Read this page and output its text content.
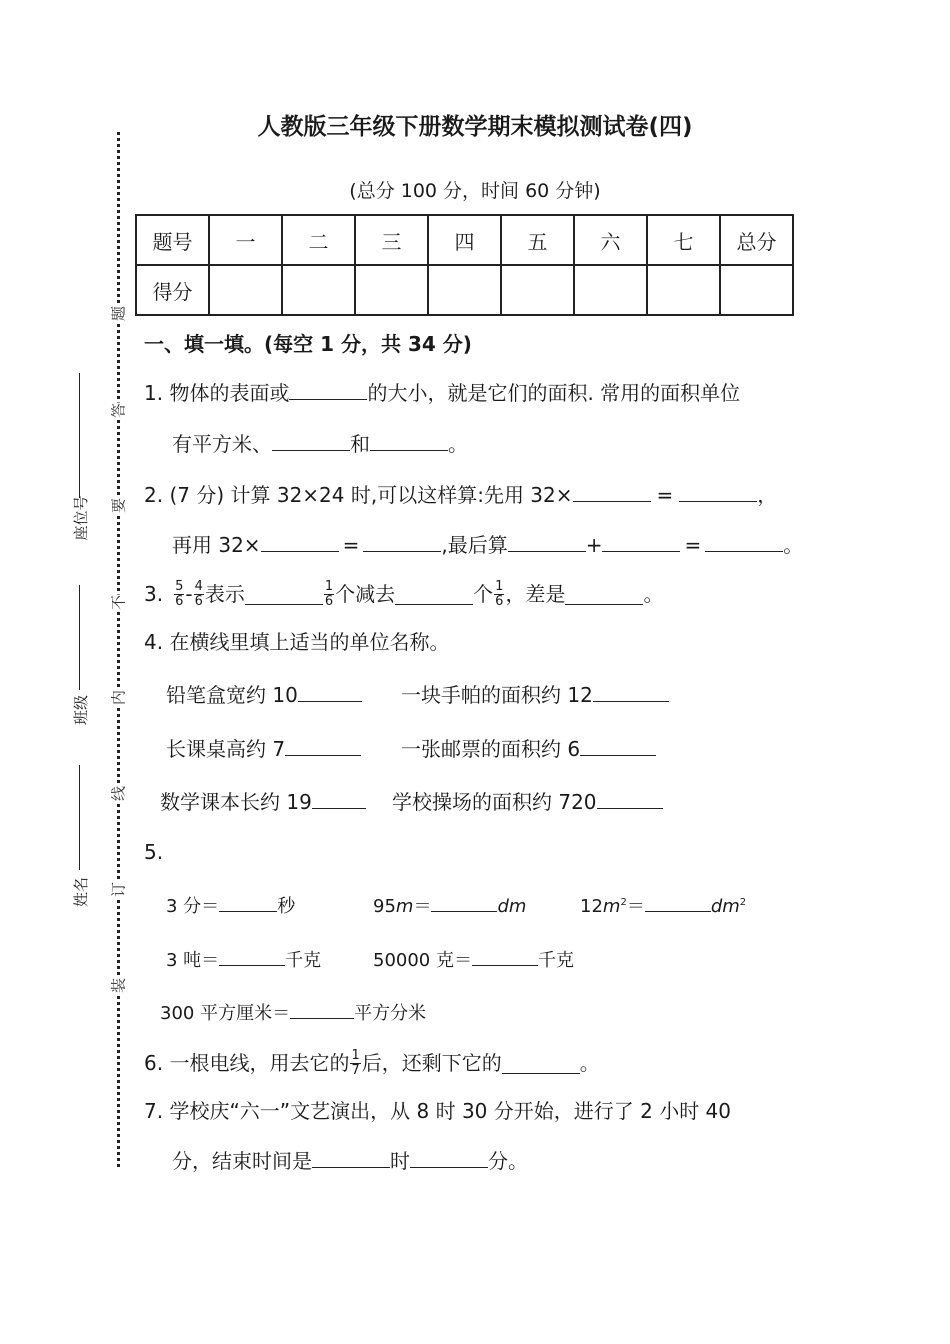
题
答
要
不
内
线
订
装
座位号
班级
姓名
人教版三年级下册数学期末模拟测试卷(四)
(总分 100 分，时间 60 分钟)
题号	一	二	三	四	五	六	七	总分
得分								
一、填一填。(每空 1 分，共 34 分)
1. 物体的表面或	的大小，就是它们的面积. 常用的面积单位
有平方米、	和	。
2. (7 分) 计算 32×24 时,可以这样算:先用 32×	=	，
再用 32×	=	,最后算	+	=	。
3. $\frac{5}{6} - \frac{4}{6}$ 表示	$\frac{1}{6}$ 个减去	个 $\frac{1}{6}$ ，差是	。
4. 在横线里填上适当的单位名称。
铅笔盒宽约 10	一块手帕的面积约 12
长课桌高约 7	一张邮票的面积约 6
数学课本长约 19	学校操场的面积约 720
5.
3 分＝	秒	95m＝	dm	$12m^2=$	$dm^2$
3 吨＝	千克	50000 克＝	千克
300 平方厘米＝	平方分米
6. 一根电线，用去它的 $\frac{1}{7}$ 后，还剩下它的	。
7. 学校庆“六一”文艺演出，从 8 时 30 分开始，进行了 2 小时 40
分，结束时间是	时	分。
